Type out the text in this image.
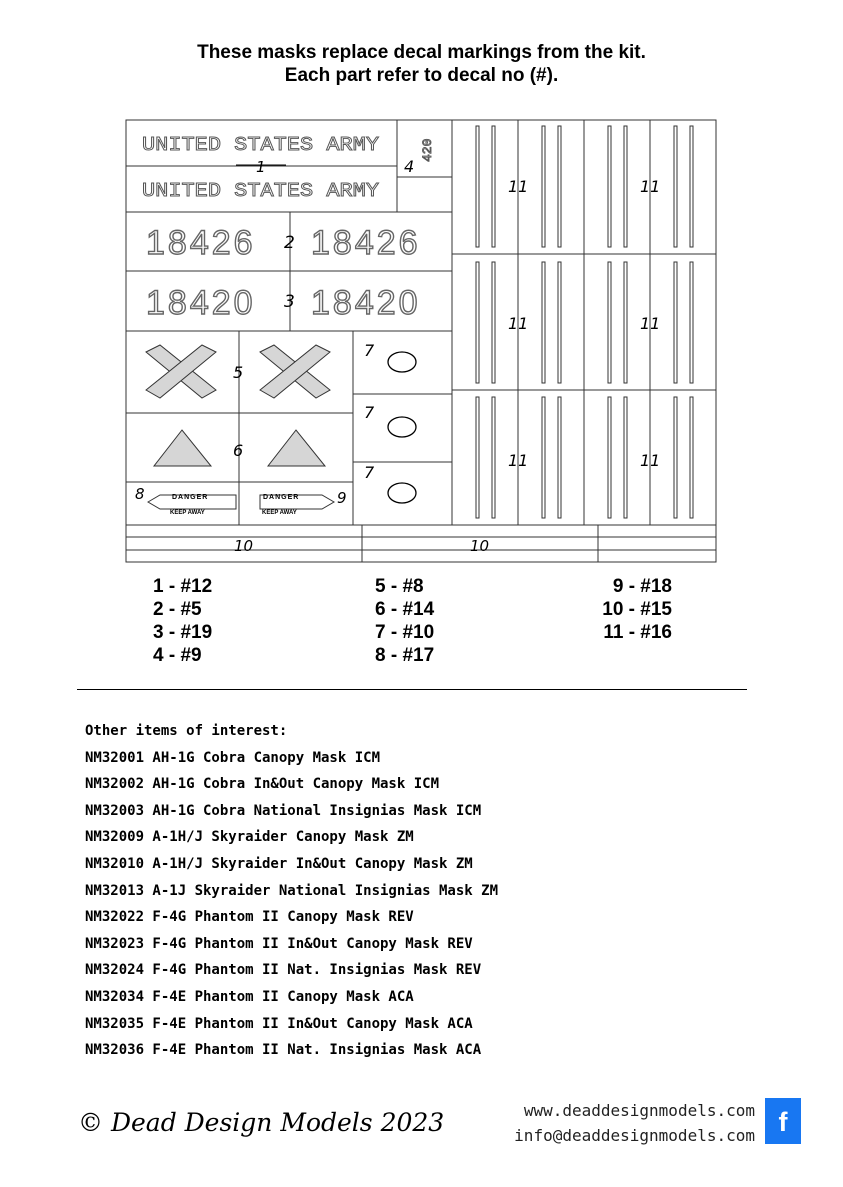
These masks replace decal markings from the kit.
Each part refer to decal no (#).
UNITED STATES ARMY
UNITED STATES ARMY
420
18426 18426
18420 18420
DANGER
KEEP AWAY
DANGER
KEEP AWAY
1
2
3
4
5
6
7
7
7
8	9
10	10
11	11
11	11
11	11
1 - #12
2 - #5
3 - #19
4 - #9
5 - #8
6 - #14
7 - #10
8 - #17
9 - #18
10 - #15
11 - #16
Other items of interest:
NM32001 AH-1G Cobra Canopy Mask ICM
NM32002 AH-1G Cobra In&Out Canopy Mask ICM
NM32003 AH-1G Cobra National Insignias Mask ICM
NM32009 A-1H/J Skyraider Canopy Mask ZM
NM32010 A-1H/J Skyraider In&Out Canopy Mask ZM
NM32013 A-1J Skyraider National Insignias Mask ZM
NM32022 F-4G Phantom II Canopy Mask REV
NM32023 F-4G Phantom II In&Out Canopy Mask REV
NM32024 F-4G Phantom II Nat. Insignias Mask REV
NM32034 F-4E Phantom II Canopy Mask ACA
NM32035 F-4E Phantom II In&Out Canopy Mask ACA
NM32036 F-4E Phantom II Nat. Insignias Mask ACA
© Dead Design Models 2023	www.deaddesignmodels.com
info@deaddesignmodels.com f
